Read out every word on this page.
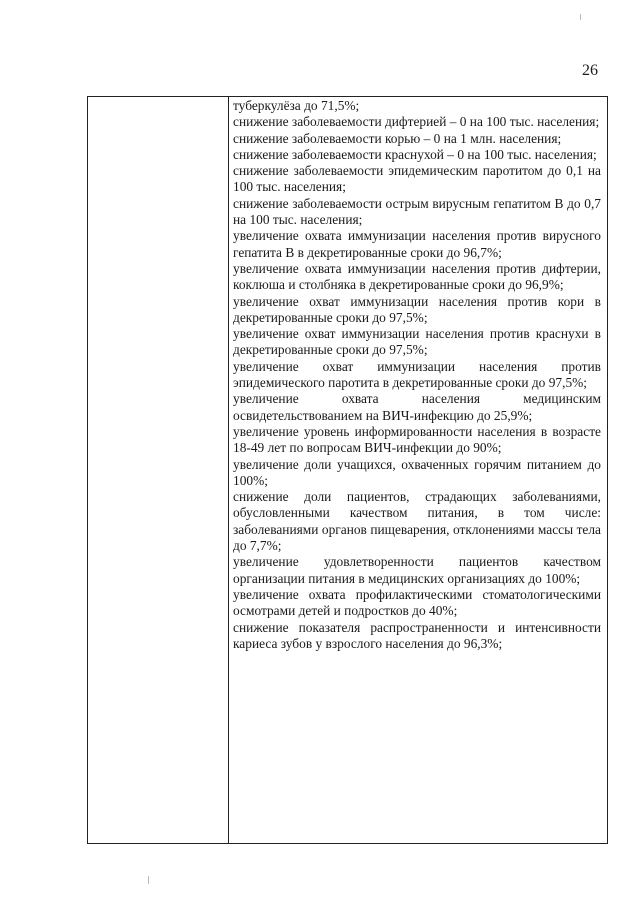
26

туберкулёза до 71,5%;

снижение заболеваемости дифтерией – 0 на 100 тыс. населения;

снижение заболеваемости корью – 0 на 1 млн. населения;

снижение заболеваемости краснухой – 0 на 100 тыс. населения;

снижение заболеваемости эпидемическим паротитом до 0,1 на 100 тыс. населения;

снижение заболеваемости острым вирусным гепатитом В до 0,7 на 100 тыс. населения;

увеличение охвата иммунизации населения против вирусного гепатита В в декретированные сроки до 96,7%;

увеличение охвата иммунизации населения против дифтерии, коклюша и столбняка в декретированные сроки до 96,9%;

увеличение охват иммунизации населения против кори в декретированные сроки до 97,5%;

увеличение охват иммунизации населения против краснухи в декретированные сроки до 97,5%;

увеличение охват иммунизации населения против эпидемического паротита в декретированные сроки до 97,5%;

увеличение охвата населения медицинским освидетельствованием на ВИЧ-инфекцию до 25,9%;

увеличение уровень информированности населения в возрасте 18-49 лет по вопросам ВИЧ-инфекции до 90%;

увеличение доли учащихся, охваченных горячим питанием до 100%;

снижение доли пациентов, страдающих заболеваниями, обусловленными качеством питания, в том числе: заболеваниями органов пищеварения, отклонениями массы тела до 7,7%;

увеличение удовлетворенности пациентов качеством организации питания в медицинских организациях до 100%;

увеличение охвата профилактическими стоматологическими осмотрами детей и подростков до 40%;

снижение показателя распространенности и интенсивности кариеса зубов у взрослого населения до 96,3%;
